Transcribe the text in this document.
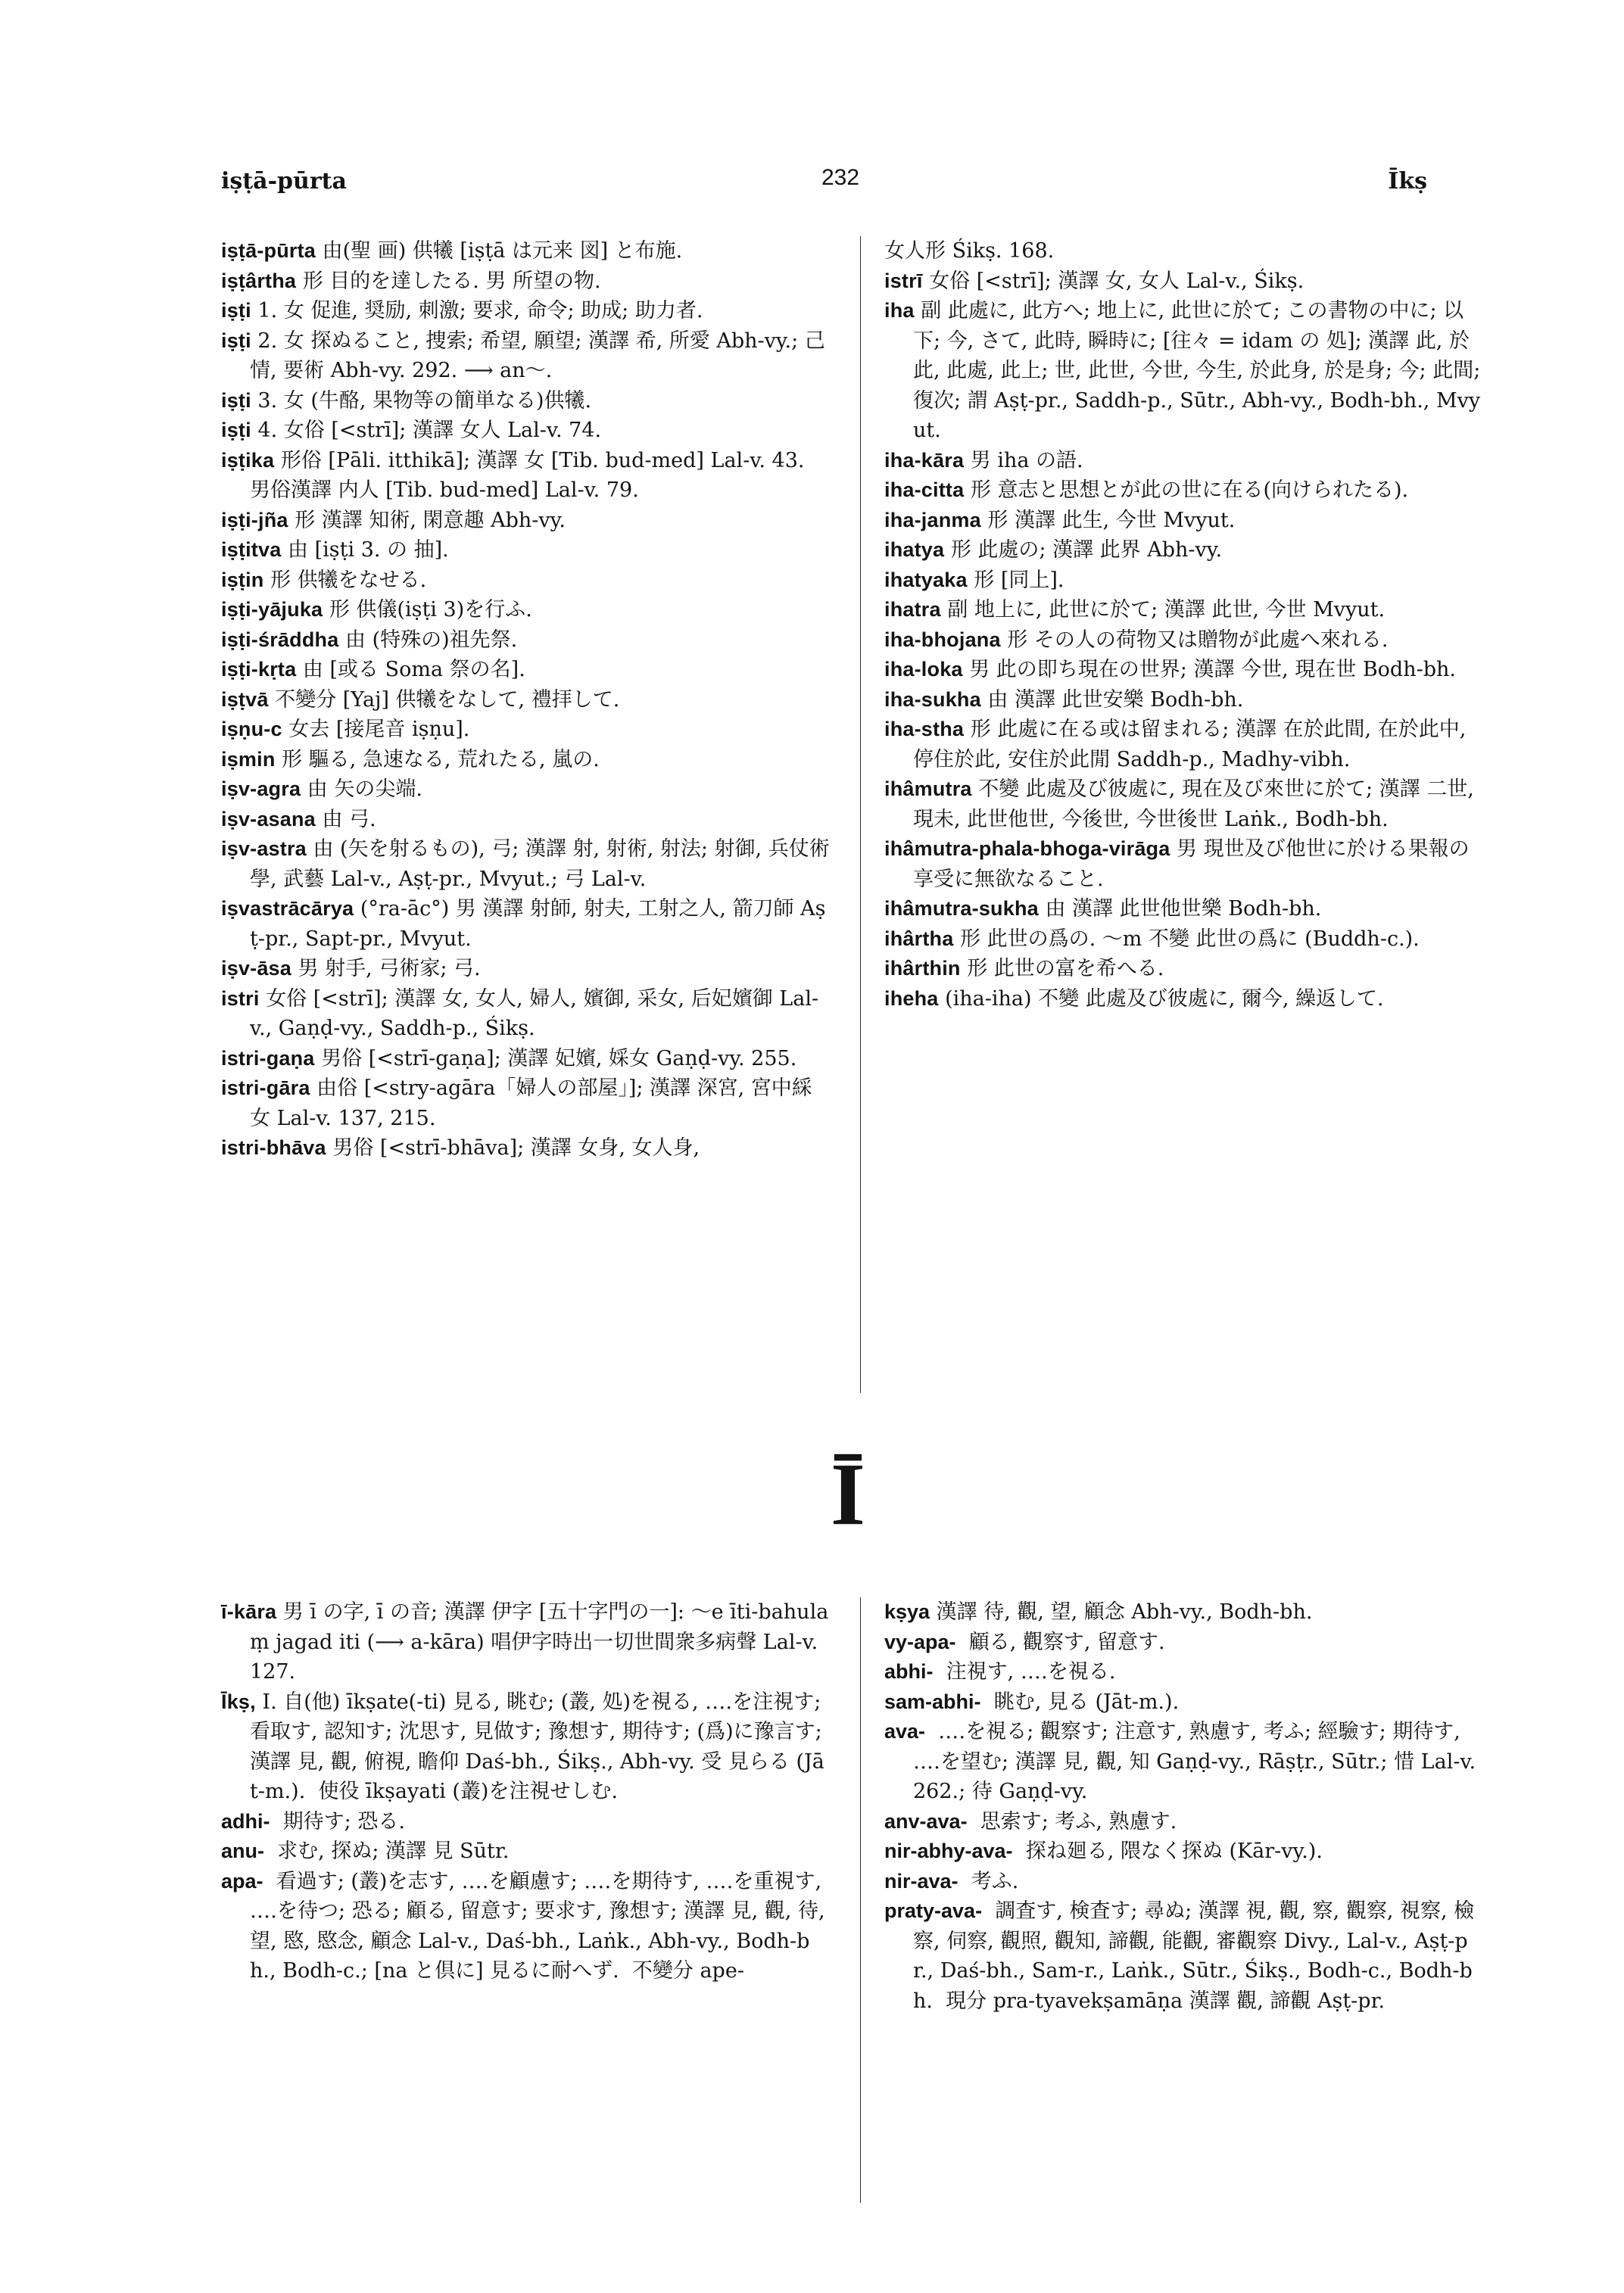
iṣṭā-pūrta	232	Īkṣ

iṣṭā-pūrta 由(聖 画) 供犧 [iṣṭā は元来 図] と布施.

iṣṭârtha 形 目的を達したる. 男 所望の物.

iṣṭi 1. 女 促進, 奨励, 刺激; 要求, 命令; 助成; 助力者.

iṣṭi 2. 女 探ぬること, 捜索; 希望, 願望; 漢譯 希, 所愛 Abh-vy.; 己情, 要術 Abh-vy. 292. ⟶ an〜.

iṣṭi 3. 女 (牛酪, 果物等の簡単なる)供犧.

iṣṭi 4. 女俗 [<strī]; 漢譯 女人 Lal-v. 74.

iṣṭika 形俗 [Pāli. itthikā]; 漢譯 女 [Tib. bud-med] Lal-v. 43.  男俗漢譯 内人 [Tib. bud-med] Lal-v. 79.

iṣṭi-jña 形 漢譯 知術, 閑意趣 Abh-vy.

iṣṭitva 由 [iṣṭi 3. の 抽].

iṣṭin 形 供犧をなせる.

iṣṭi-yājuka 形 供儀(iṣṭi 3)を行ふ.

iṣṭi-śrāddha 由 (特殊の)祖先祭.

iṣṭi-kṛta 由 [或る Soma 祭の名].

iṣṭvā 不變分 [Yaj] 供犧をなして, 禮拝して.

iṣṇu-c 女去 [接尾音 iṣṇu].

iṣmin 形 驅る, 急速なる, 荒れたる, 嵐の.

iṣv-agra 由 矢の尖端.

iṣv-asana 由 弓.

iṣv-astra 由 (矢を射るもの), 弓; 漢譯 射, 射術, 射法; 射御, 兵仗術學, 武藝 Lal-v., Aṣṭ-pr., Mvyut.; 弓 Lal-v.

iṣvastrācārya (°ra-āc°) 男 漢譯 射師, 射夫, 工射之人, 箭刀師 Aṣṭ-pr., Sapt-pr., Mvyut.

iṣv-āsa 男 射手, 弓術家; 弓.

istri 女俗 [<strī]; 漢譯 女, 女人, 婦人, 嬪御, 采女, 后妃嬪御 Lal-v., Gaṇḍ-vy., Saddh-p., Śikṣ.

istri-gaṇa 男俗 [<strī-gaṇa]; 漢譯 妃嬪, 婇女 Gaṇḍ-vy. 255.

istri-gāra 由俗 [<stry-agāra「婦人の部屋」]; 漢譯 深宮, 宮中綵女 Lal-v. 137, 215.

istri-bhāva 男俗 [<strī-bhāva]; 漢譯 女身, 女人身,

女人形 Śikṣ. 168.

istrī 女俗 [<strī]; 漢譯 女, 女人 Lal-v., Śikṣ.

iha 副 此處に, 此方へ; 地上に, 此世に於て; この書物の中に; 以下; 今, さて, 此時, 瞬時に; [往々 = idam の 処]; 漢譯 此, 於此, 此處, 此上; 世, 此世, 今世, 今生, 於此身, 於是身; 今; 此間; 復次; 謂 Aṣṭ-pr., Saddh-p., Sūtr., Abh-vy., Bodh-bh., Mvyut.

iha-kāra 男 iha の語.

iha-citta 形 意志と思想とが此の世に在る(向けられたる).

iha-janma 形 漢譯 此生, 今世 Mvyut.

ihatya 形 此處の; 漢譯 此界 Abh-vy.

ihatyaka 形 [同上].

ihatra 副 地上に, 此世に於て; 漢譯 此世, 今世 Mvyut.

iha-bhojana 形 その人の荷物又は贈物が此處へ來れる.

iha-loka 男 此の即ち現在の世界; 漢譯 今世, 現在世 Bodh-bh.

iha-sukha 由 漢譯 此世安樂 Bodh-bh.

iha-stha 形 此處に在る或は留まれる; 漢譯 在於此間, 在於此中, 停住於此, 安住於此閒 Saddh-p., Madhy-vibh.

ihâmutra 不變 此處及び彼處に, 現在及び來世に於て; 漢譯 二世, 現未, 此世他世, 今後世, 今世後世 Laṅk., Bodh-bh.

ihâmutra-phala-bhoga-virāga 男 現世及び他世に於ける果報の享受に無欲なること.

ihâmutra-sukha 由 漢譯 此世他世樂 Bodh-bh.

ihârtha 形 此世の爲の. 〜m 不變 此世の爲に (Buddh-c.).

ihârthin 形 此世の富を希へる.

iheha (iha-iha) 不變 此處及び彼處に, 爾今, 繰返して.

Ī

ī-kāra 男 ī の字, ī の音; 漢譯 伊字 [五十字門の一]: 〜e īti-bahulaṃ jagad iti (⟶ a-kāra) 唱伊字時出一切世間衆多病聲 Lal-v. 127.

Īkṣ, I. 自(他) īkṣate(-ti) 見る, 眺む; (叢, 処)を視る, ‥‥を注視す; 看取す, 認知す; 沈思す, 見做す; 豫想す, 期待す; (爲)に豫言す; 漢譯 見, 觀, 俯視, 瞻仰 Daś-bh., Śikṣ., Abh-vy. 受 見らる (Jāt-m.).  使役 īkṣayati (叢)を注視せしむ.

adhi-  期待す; 恐る.

anu-  求む, 探ぬ; 漢譯 見 Sūtr.

apa-  看過す; (叢)を志す, ‥‥を顧慮す; ‥‥を期待す, ‥‥を重視す, ‥‥を待つ; 恐る; 顧る, 留意す; 要求す, 豫想す; 漢譯 見, 觀, 待, 望, 愍, 愍念, 顧念 Lal-v., Daś-bh., Laṅk., Abh-vy., Bodh-bh., Bodh-c.; [na と倶に] 見るに耐へず.  不變分 ape-

kṣya 漢譯 待, 觀, 望, 顧念 Abh-vy., Bodh-bh.

vy-apa-  顧る, 觀察す, 留意す.

abhi-  注視す, ‥‥を視る.

sam-abhi-  眺む, 見る (Jāt-m.).

ava-  ‥‥を視る; 觀察す; 注意す, 熟慮す, 考ふ; 經驗す; 期待す, ‥‥を望む; 漢譯 見, 觀, 知 Gaṇḍ-vy., Rāṣṭr., Sūtr.; 惜 Lal-v. 262.; 待 Gaṇḍ-vy.

anv-ava-  思索す; 考ふ, 熟慮す.

nir-abhy-ava-  探ね廻る, 隈なく探ぬ (Kār-vy.).

nir-ava-  考ふ.

praty-ava-  調査す, 検査す; 尋ぬ; 漢譯 視, 觀, 察, 觀察, 視察, 檢察, 伺察, 觀照, 觀知, 諦觀, 能觀, 審觀察 Divy., Lal-v., Aṣṭ-pr., Daś-bh., Sam-r., Laṅk., Sūtr., Śikṣ., Bodh-c., Bodh-bh.  現分 pra-tyavekṣamāṇa 漢譯 觀, 諦觀 Aṣṭ-pr.
